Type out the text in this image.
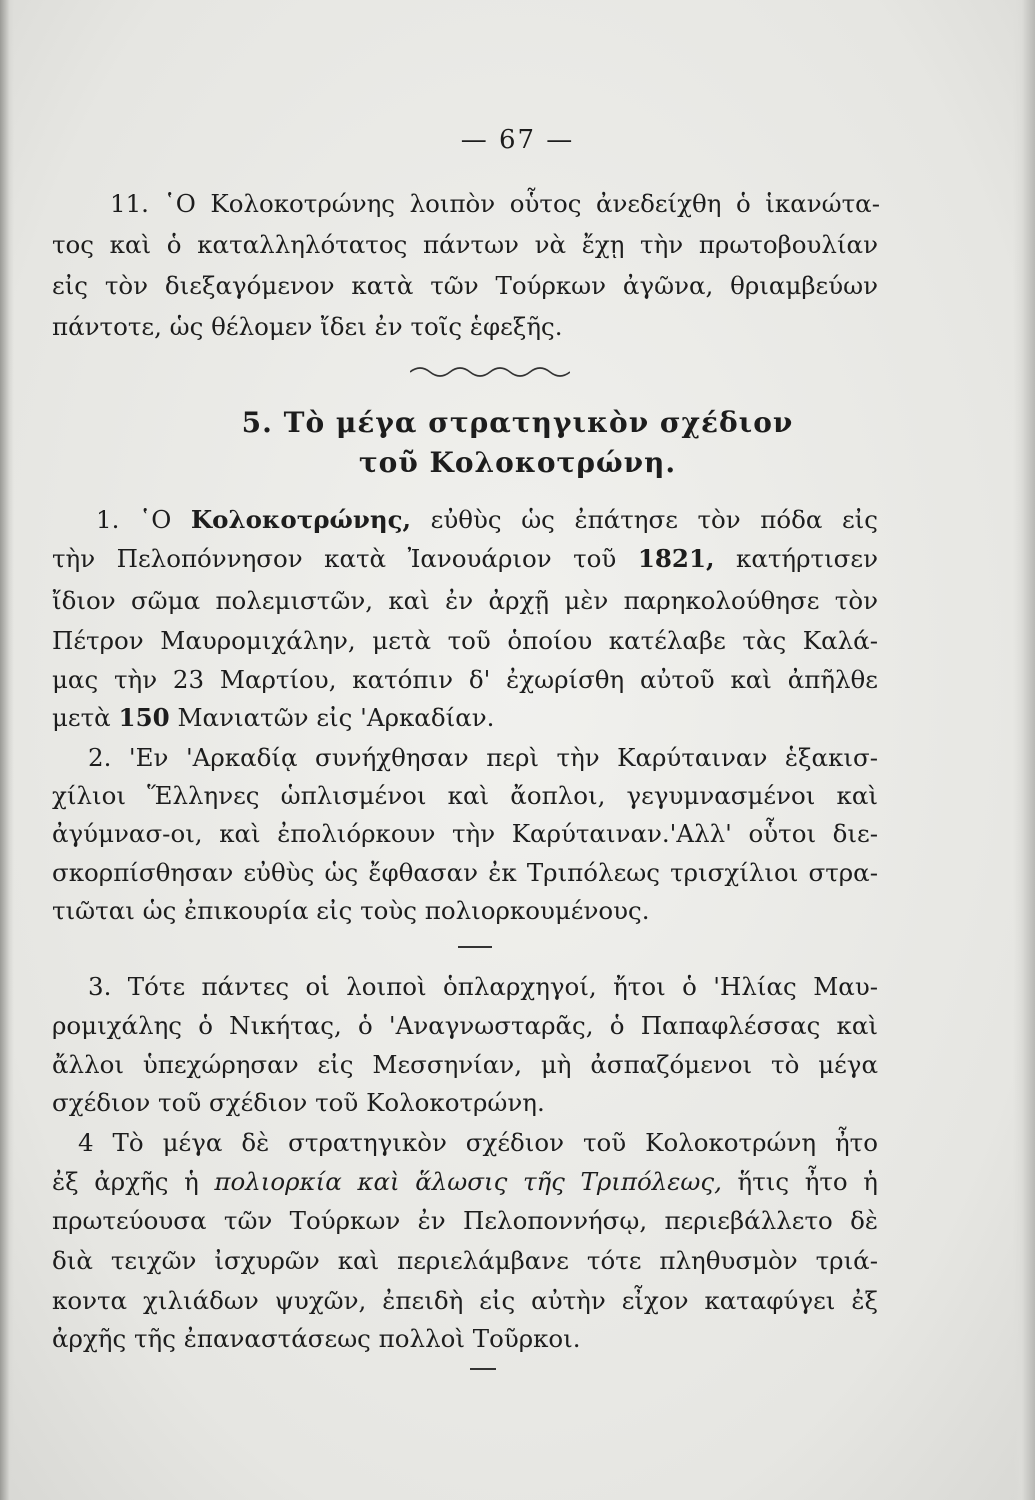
— 67 —
11. ῾Ο Κολοκοτρώνης λοιπὸν οὗτος ἀνεδείχθη ὁ ἱκανώτα-
τος καὶ ὁ καταλληλότατος πάντων νὰ ἔχῃ τὴν πρωτοβουλίαν
εἰς τὸν διεξαγόμενον κατὰ τῶν Τούρκων ἀγῶνα, θριαμβεύων
πάντοτε, ὡς θέλομεν ἴδει ἐν τοῖς ἑφεξῆς.
5. Τὸ μέγα στρατηγικὸν σχέδιον
τοῦ Κολοκοτρώνη.
1. ῾Ο Κολοκοτρώνης, εὐθὺς ὡς ἐπάτησε τὸν πόδα εἰς
τὴν Πελοπόννησον κατὰ Ἰανουάριον τοῦ 1821, κατήρτισεν
ἴδιον σῶμα πολεμιστῶν, καὶ ἐν ἀρχῇ μὲν παρηκολούθησε τὸν
Πέτρον Μαυρομιχάλην, μετὰ τοῦ ὁποίου κατέλαβε τὰς Καλά-
μας τὴν 23 Μαρτίου, κατόπιν δ' ἐχωρίσθη αὐτοῦ καὶ ἀπῆλθε
μετὰ 150 Μανιατῶν εἰς 'Αρκαδίαν.
2. 'Εν 'Αρκαδίᾳ συνήχθησαν περὶ τὴν Καρύταιναν ἑξακισ-
χίλιοι Ἕλληνες ὡπλισμένοι καὶ ἄοπλοι, γεγυμνασμένοι καὶ
ἀγύμνασ-οι, καὶ ἐπολιόρκουν τὴν Καρύταιναν.'Αλλ' οὗτοι διε-
σκορπίσθησαν εὐθὺς ὡς ἔφθασαν ἐκ Τριπόλεως τρισχίλιοι στρα-
τιῶται ὡς ἐπικουρία εἰς τοὺς πολιορκουμένους.
3. Τότε πάντες οἱ λοιποὶ ὁπλαρχηγοί, ἤτοι ὁ 'Ηλίας Μαυ-
ρομιχάλης ὁ Νικήτας, ὁ 'Αναγνωσταρᾶς, ὁ Παπαφλέσσας καὶ
ἄλλοι ὑπεχώρησαν εἰς Μεσσηνίαν, μὴ ἀσπαζόμενοι τὸ μέγα
σχέδιον τοῦ σχέδιον τοῦ Κολοκοτρώνη.
4 Τὸ μέγα δὲ στρατηγικὸν σχέδιον τοῦ Κολοκοτρώνη ἦτο
ἐξ ἀρχῆς ἡ πολιορκία καὶ ἅλωσις τῆς Τριπόλεως, ἥτις ἦτο ἡ
πρωτεύουσα τῶν Τούρκων ἐν Πελοποννήσῳ, περιεβάλλετο δὲ
διὰ τειχῶν ἰσχυρῶν καὶ περιελάμβανε τότε πληθυσμὸν τριά-
κοντα χιλιάδων ψυχῶν, ἐπειδὴ εἰς αὐτὴν εἶχον καταφύγει ἐξ
ἀρχῆς τῆς ἐπαναστάσεως πολλοὶ Τοῦρκοι.
